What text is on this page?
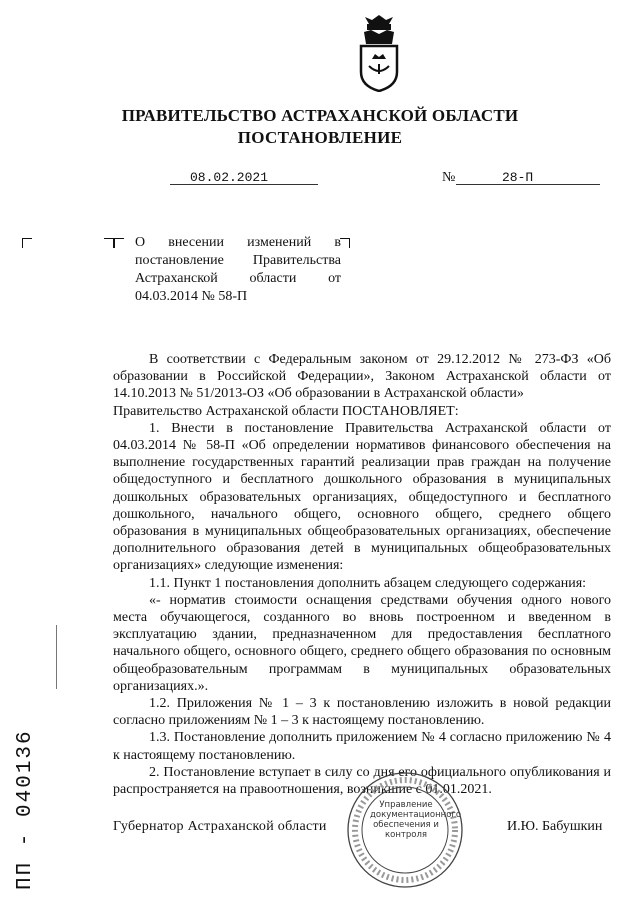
ПРАВИТЕЛЬСТВО АСТРАХАНСКОЙ ОБЛАСТИ
ПОСТАНОВЛЕНИЕ
08.02.2021	№	28-П
О внесении изменений в постановление Правительства Астраханской области от 04.03.2014 № 58-П

В соответствии с Федеральным законом от 29.12.2012 № 273-ФЗ «Об образовании в Российской Федерации», Законом Астраханской области от 14.10.2013 № 51/2013-ОЗ «Об образовании в Астраханской области»

Правительство Астраханской области ПОСТАНОВЛЯЕТ:

1. Внести в постановление Правительства Астраханской области от 04.03.2014 № 58-П «Об определении нормативов финансового обеспечения на выполнение государственных гарантий реализации прав граждан на получение общедоступного и бесплатного дошкольного образования в муниципальных дошкольных образовательных организациях, общедоступного и бесплатного дошкольного, начального общего, основного общего, среднего общего образования в муниципальных общеобразовательных организациях, обеспечение дополнительного образования детей в муниципальных общеобразовательных организациях» следующие изменения:

1.1. Пункт 1 постановления дополнить абзацем следующего содержания:

«- норматив стоимости оснащения средствами обучения одного нового места обучающегося, созданного во вновь построенном и введенном в эксплуатацию здании, предназначенном для предоставления бесплатного начального общего, основного общего, среднего общего образования по основным общеобразовательным программам в муниципальных образовательных организациях.».

1.2. Приложения № 1 – 3 к постановлению изложить в новой редакции согласно приложениям № 1 – 3 к настоящему постановлению.

1.3. Постановление дополнить приложением № 4 согласно приложению № 4 к настоящему постановлению.

2. Постановление вступает в силу со дня его официального опубликования и распространяется на правоотношения, возникшие с 01.01.2021.

Управление документационного обеспечения и контроля
Губернатор Астраханской области	И.Ю. Бабушкин
ПП - 040136
